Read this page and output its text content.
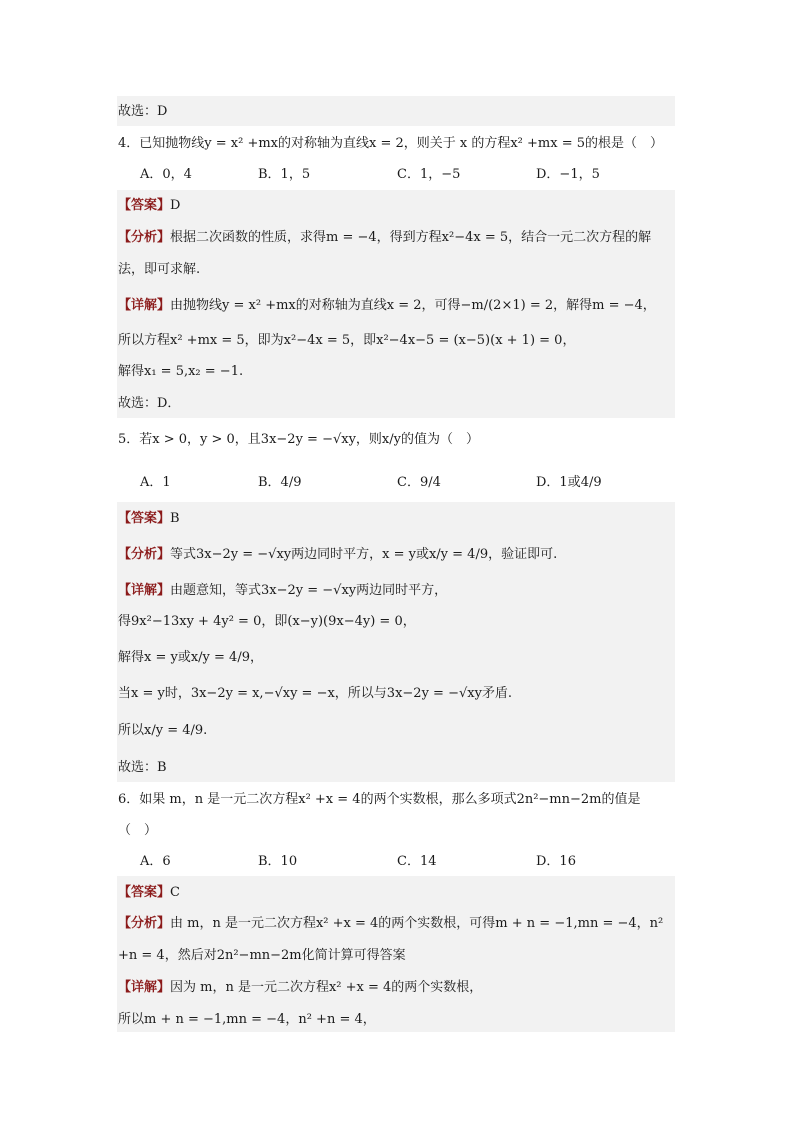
故选：D
4．已知抛物线y = x² +mx的对称轴为直线x = 2，则关于 x 的方程x² +mx = 5的根是（　）
A．0，4	B．1，5	C．1，−5	D．−1，5
【答案】D
【分析】根据二次函数的性质，求得m = −4，得到方程x²−4x = 5，结合一元二次方程的解
法，即可求解.
【详解】由抛物线y = x² +mx的对称轴为直线x = 2，可得−m/(2×1) = 2，解得m = −4，
所以方程x² +mx = 5，即为x²−4x = 5，即x²−4x−5 = (x−5)(x + 1) = 0，
解得x₁ = 5,x₂ = −1.
故选：D．
5．若x > 0，y > 0，且3x−2y = −√xy，则x/y的值为（　）
A．1	B．4/9	C．9/4	D．1或4/9
【答案】B
【分析】等式3x−2y = −√xy两边同时平方，x = y或x/y = 4/9，验证即可.
【详解】由题意知，等式3x−2y = −√xy两边同时平方，
得9x²−13xy + 4y² = 0，即(x−y)(9x−4y) = 0，
解得x = y或x/y = 4/9，
当x = y时，3x−2y = x,−√xy = −x，所以与3x−2y = −√xy矛盾.
所以x/y = 4/9.
故选：B
6．如果 m，n 是一元二次方程x² +x = 4的两个实数根，那么多项式2n²−mn−2m的值是
（　）
A．6	B．10	C．14	D．16
【答案】C
【分析】由 m，n 是一元二次方程x² +x = 4的两个实数根，可得m + n = −1,mn = −4，n²
+n = 4，然后对2n²−mn−2m化简计算可得答案
【详解】因为 m，n 是一元二次方程x² +x = 4的两个实数根，
所以m + n = −1,mn = −4，n² +n = 4，
